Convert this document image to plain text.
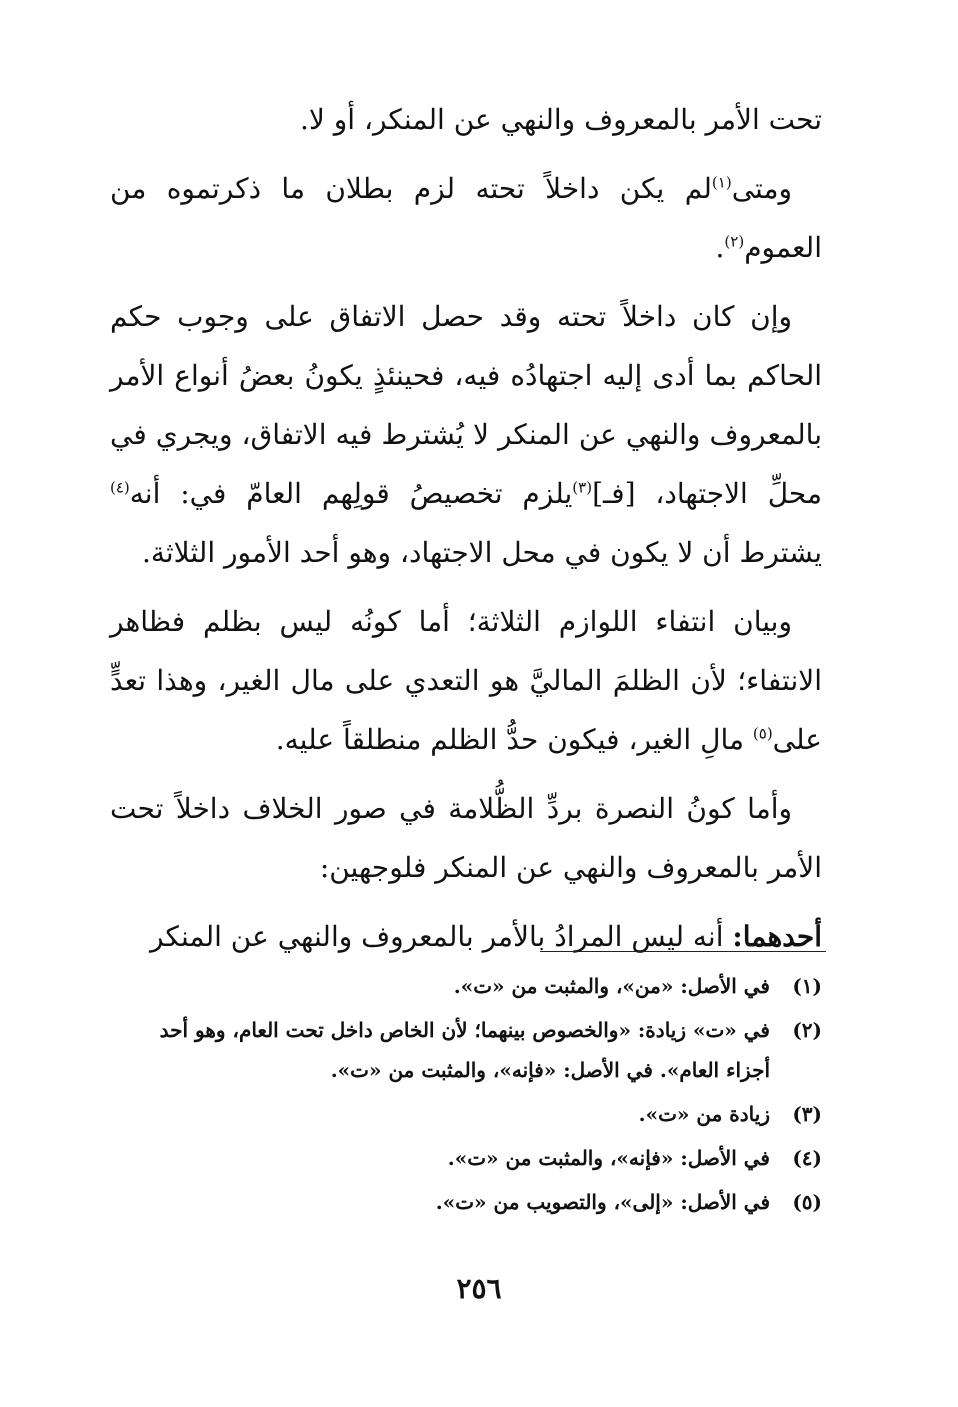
تحت الأمر بالمعروف والنهي عن المنكر، أو لا.

ومتى$^{(١)}$لم يكن داخلاً تحته لزم بطلان ما ذكرتموه من العموم$^{(٢)}$.

وإن كان داخلاً تحته وقد حصل الاتفاق على وجوب حكم الحاكم بما أدى إليه اجتهادُه فيه، فحينئذٍ يكونُ بعضُ أنواع الأمر بالمعروف والنهي عن المنكر لا يُشترط فيه الاتفاق، ويجري في محلِّ الاجتهاد، [فـ]$^{(٣)}$يلزم تخصيصُ قولِهم العامّ في: أنه$^{(٤)}$ يشترط أن لا يكون في محل الاجتهاد، وهو أحد الأمور الثلاثة.

وبيان انتفاء اللوازم الثلاثة؛ أما كونُه ليس بظلم فظاهر الانتفاء؛ لأن الظلمَ الماليَّ هو التعدي على مال الغير، وهذا تعدٍّ على$^{(٥)}$ مالِ الغير، فيكون حدُّ الظلم منطلقاً عليه.

وأما كونُ النصرة بردِّ الظُّلامة في صور الخلاف داخلاً تحت الأمر بالمعروف والنهي عن المنكر فلوجهين:

أحدهما: أنه ليس المرادُ بالأمر بالمعروف والنهي عن المنكر

(١)
في الأصل: «من»، والمثبت من «ت».
(٢)
في «ت» زيادة: «والخصوص بينهما؛ لأن الخاص داخل تحت العام، وهو أحد أجزاء العام». في الأصل: «فإنه»، والمثبت من «ت».
(٣)
زيادة من «ت».
(٤)
في الأصل: «فإنه»، والمثبت من «ت».
(٥)
في الأصل: «إلى»، والتصويب من «ت».
٢٥٦
